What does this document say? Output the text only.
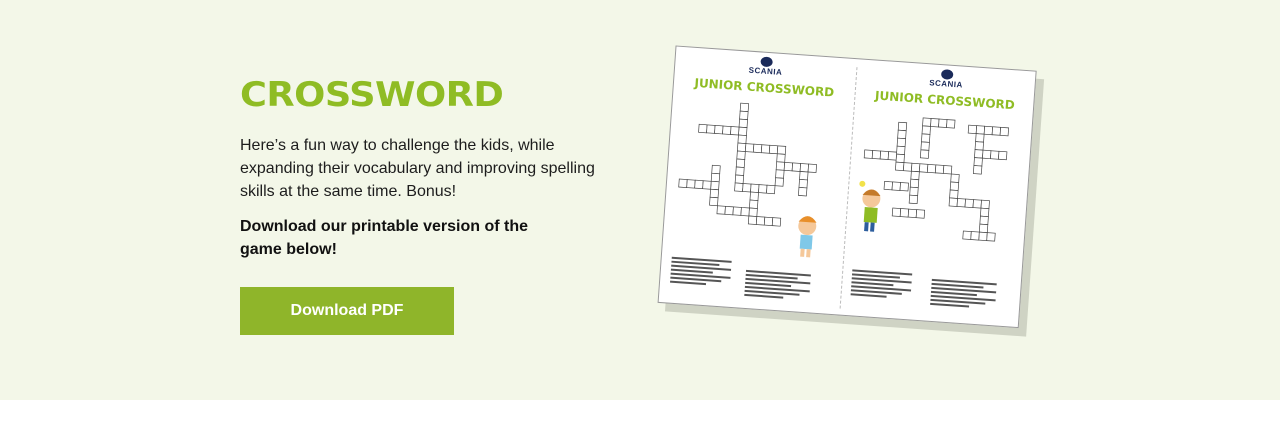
CROSSWORD

Here’s a fun way to challenge the kids, while expanding their vocabulary and improving spelling skills at the same time. Bonus!

Download our printable version of the game below!

Download PDF
SCANIA
JUNIOR CROSSWORD	SCANIA
JUNIOR CROSSWORD
